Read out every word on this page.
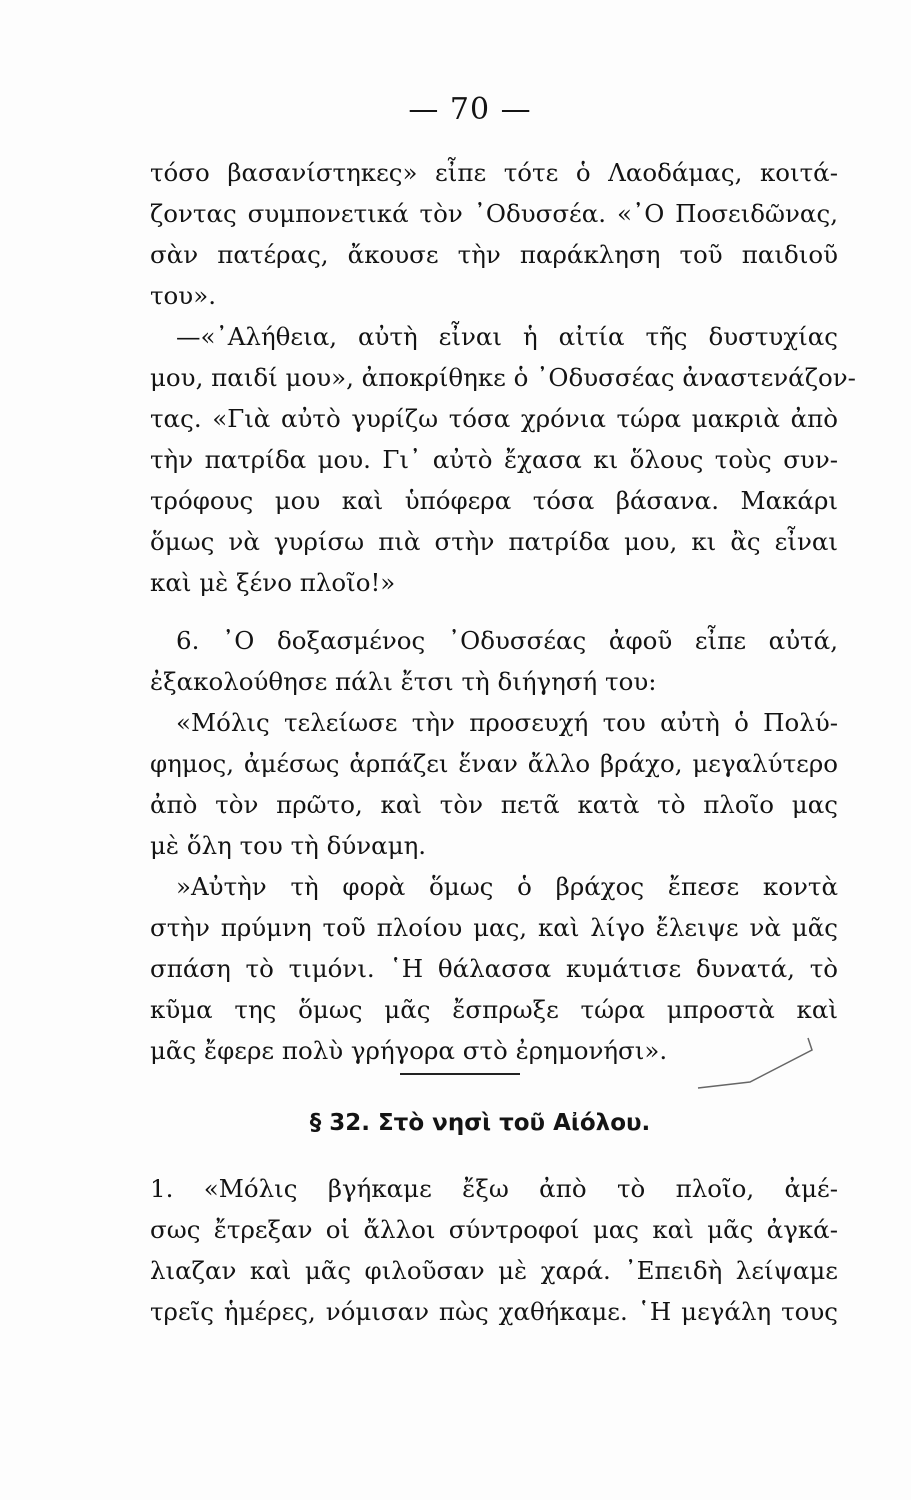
— 70 —
τόσο βασανίστηκες» εἶπε τότε ὁ Λαοδάμας, κοιτά-
ζοντας συμπονετικά τὸν ᾿Οδυσσέα. «᾿Ο Ποσειδῶνας,
σὰν πατέρας, ἄκουσε τὴν παράκληση τοῦ παιδιοῦ
του».
—«᾿Αλήθεια, αὐτὴ εἶναι ἡ αἰτία τῆς δυστυχίας
μου, παιδί μου», ἀποκρίθηκε ὁ ᾿Οδυσσέας ἀναστενάζον-
τας. «Γιὰ αὐτὸ γυρίζω τόσα χρόνια τώρα μακριὰ ἀπὸ
τὴν πατρίδα μου. Γι᾿ αὐτὸ ἔχασα κι ὅλους τοὺς συν-
τρόφους μου καὶ ὑπόφερα τόσα βάσανα. Μακάρι
ὅμως νὰ γυρίσω πιὰ στὴν πατρίδα μου, κι ἂς εἶναι
καὶ μὲ ξένο πλοῖο!»
6. ᾿Ο δοξασμένος ᾿Οδυσσέας ἀφοῦ εἶπε αὐτά,
ἐξακολούθησε πάλι ἔτσι τὴ διήγησή του:
«Μόλις τελείωσε τὴν προσευχή του αὐτὴ ὁ Πολύ-
φημος, ἀμέσως ἁρπάζει ἕναν ἄλλο βράχο, μεγαλύτερο
ἀπὸ τὸν πρῶτο, καὶ τὸν πετᾶ κατὰ τὸ πλοῖο μας
μὲ ὅλη του τὴ δύναμη.
»Αὐτὴν τὴ φορὰ ὅμως ὁ βράχος ἔπεσε κοντὰ
στὴν πρύμνη τοῦ πλοίου μας, καὶ λίγο ἔλειψε νὰ μᾶς
σπάση τὸ τιμόνι. ῾Η θάλασσα κυμάτισε δυνατά, τὸ
κῦμα της ὅμως μᾶς ἔσπρωξε τώρα μπροστὰ καὶ
μᾶς ἔφερε πολὺ γρήγορα στὸ ἐρημονήσι».
§ 32. Στὸ νησὶ τοῦ Αἰόλου.
1. «Μόλις βγήκαμε ἔξω ἀπὸ τὸ πλοῖο, ἀμέ-
σως ἔτρεξαν οἱ ἄλλοι σύντροφοί μας καὶ μᾶς ἀγκά-
λιαζαν καὶ μᾶς φιλοῦσαν μὲ χαρά. ᾿Επειδὴ λείψαμε
τρεῖς ἡμέρες, νόμισαν πὼς χαθήκαμε. ῾Η μεγάλη τους
